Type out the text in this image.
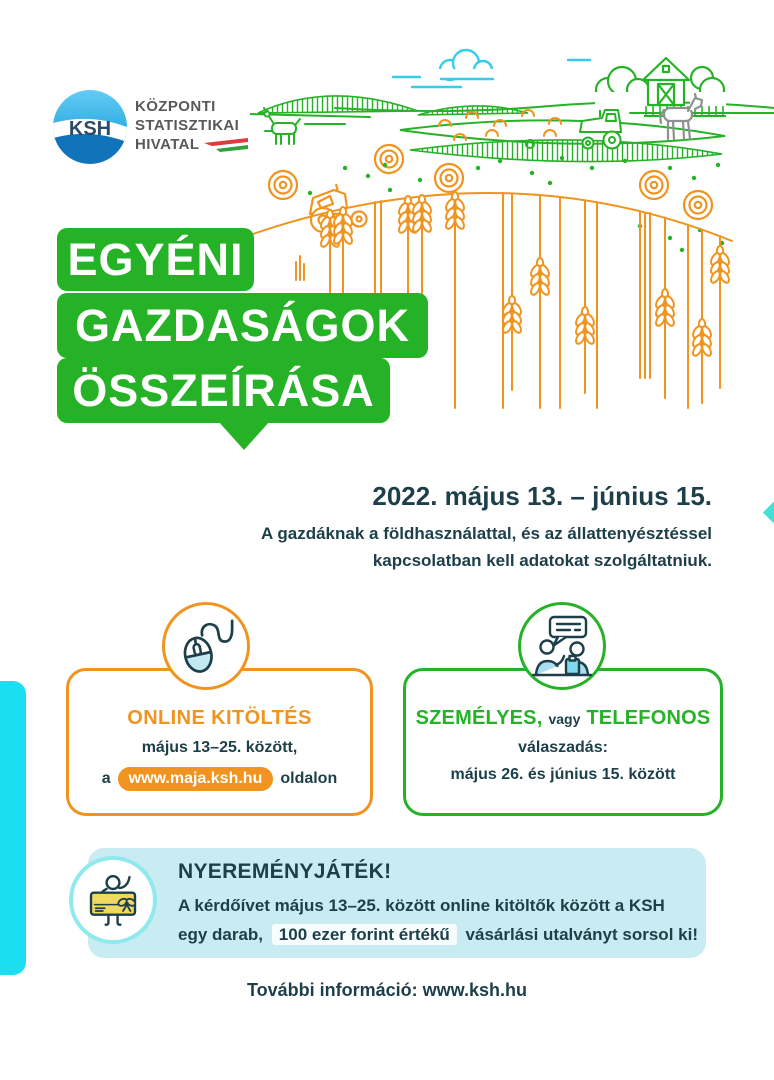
KSH
KÖZPONTI
STATISZTIKAI
HIVATAL
EGYÉNI
GAZDASÁGOK
ÖSSZEÍRÁSA
2022. május 13. – június 15.
A gazdáknak a földhasználattal, és az állattenyésztéssel
kapcsolatban kell adatokat szolgáltatniuk.
ONLINE KITÖLTÉS
május 13–25. között,
a	www.maja.ksh.hu	oldalon
SZEMÉLYES, vagy TELEFONOS
válaszadás:
május 26. és június 15. között
NYEREMÉNYJÁTÉK!
A kérdőívet május 13–25. között online kitöltők között a KSH
egy darab, 100 ezer forint értékű vásárlási utalványt sorsol ki!
További információ: www.ksh.hu
